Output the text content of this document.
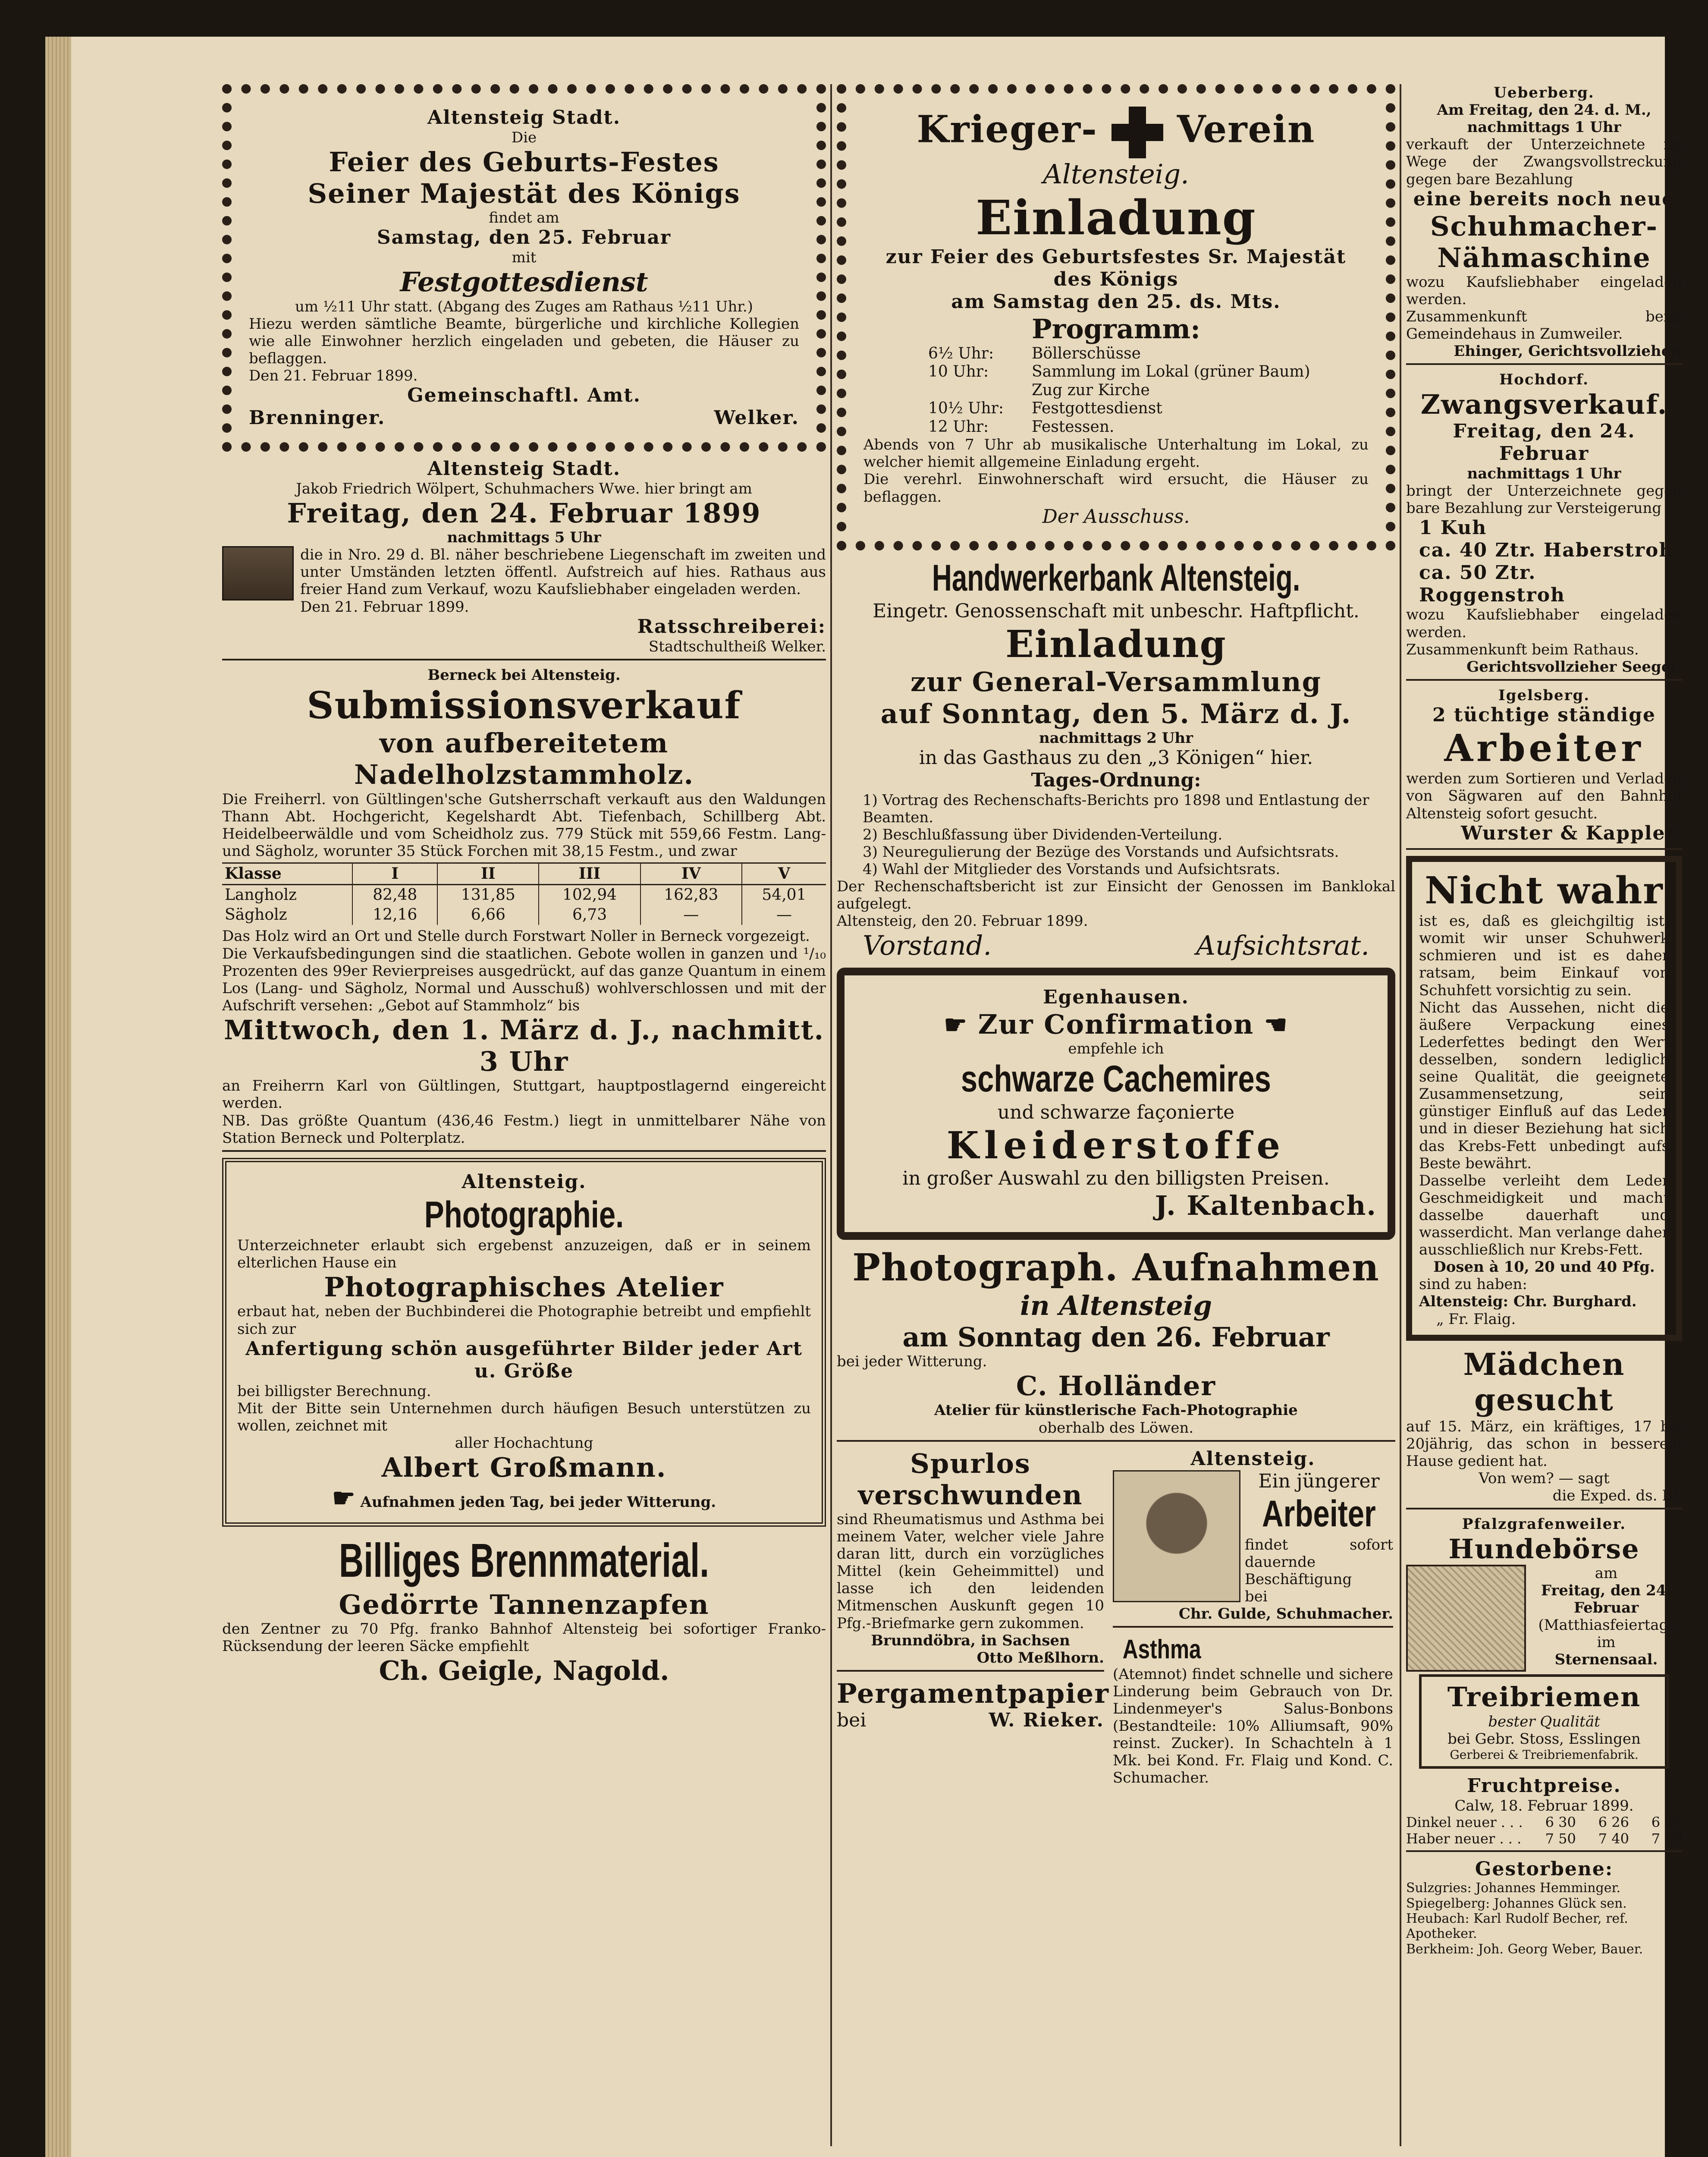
Altensteig Stadt.

Die

Feier des Geburts-Festes

Seiner Majestät des Königs

findet am

Samstag, den 25. Februar

mit

Festgottesdienst

um ½11 Uhr statt. (Abgang des Zuges am Rathaus ½11 Uhr.)

Hiezu werden sämtliche Beamte, bürgerliche und kirchliche Kollegien wie alle Einwohner herzlich eingeladen und gebeten, die Häuser zu beflaggen.

Den 21. Februar 1899.

Gemeinschaftl. Amt.

Brenninger.	Welker.

Altensteig Stadt.

Jakob Friedrich Wölpert, Schuhmachers Wwe. hier bringt am

Freitag, den 24. Februar 1899

nachmittags 5 Uhr

die in Nro. 29 d. Bl. näher beschriebene Liegenschaft im zweiten und unter Umständen letzten öffentl. Aufstreich auf hies. Rathaus aus freier Hand zum Verkauf, wozu Kaufsliebhaber eingeladen werden.

Den 21. Februar 1899.

Ratsschreiberei:

Stadtschultheiß Welker.

Berneck bei Altensteig.

Submissionsverkauf

von aufbereitetem Nadelholzstammholz.

Die Freiherrl. von Gültlingen'sche Gutsherrschaft verkauft aus den Waldungen Thann Abt. Hochgericht, Kegelshardt Abt. Tiefenbach, Schillberg Abt. Heidelbeerwäldle und vom Scheidholz zus. 779 Stück mit 559,66 Festm. Lang- und Sägholz, worunter 35 Stück Forchen mit 38,15 Festm., und zwar

Klasse	I	II	III	IV	V
Langholz	82,48	131,85	102,94	162,83	54,01
Sägholz	12,16	6,66	6,73	—	—

Das Holz wird an Ort und Stelle durch Forstwart Noller in Berneck vorgezeigt.

Die Verkaufsbedingungen sind die staatlichen. Gebote wollen in ganzen und ¹/₁₀ Prozenten des 99er Revierpreises ausgedrückt, auf das ganze Quantum in einem Los (Lang- und Sägholz, Normal und Ausschuß) wohlverschlossen und mit der Aufschrift versehen: „Gebot auf Stammholz“ bis

Mittwoch, den 1. März d. J., nachmitt. 3 Uhr

an Freiherrn Karl von Gültlingen, Stuttgart, hauptpostlagernd eingereicht werden.

NB. Das größte Quantum (436,46 Festm.) liegt in unmittelbarer Nähe von Station Berneck und Polterplatz.

Altensteig.

Photographie.

Unterzeichneter erlaubt sich ergebenst anzuzeigen, daß er in seinem elterlichen Hause ein

Photographisches Atelier

erbaut hat, neben der Buchbinderei die Photographie betreibt und empfiehlt sich zur

Anfertigung schön ausgeführter Bilder jeder Art u. Größe

bei billigster Berechnung.

Mit der Bitte sein Unternehmen durch häufigen Besuch unterstützen zu wollen, zeichnet mit

aller Hochachtung

Albert Großmann.

☛ Aufnahmen jeden Tag, bei jeder Witterung.

Billiges Brennmaterial.

Gedörrte Tannenzapfen

den Zentner zu 70 Pfg. franko Bahnhof Altensteig bei sofortiger Franko-Rücksendung der leeren Säcke empfiehlt

Ch. Geigle, Nagold.

Krieger- Verein

Altensteig.

Einladung

zur Feier des Geburtsfestes Sr. Majestät des Königs

am Samstag den 25. ds. Mts.

Programm:

6½ Uhr:	Böllerschüsse
10 Uhr:	Sammlung im Lokal (grüner Baum)
Zug zur Kirche
10½ Uhr:	Festgottesdienst
12 Uhr:	Festessen.

Abends von 7 Uhr ab musikalische Unterhaltung im Lokal, zu welcher hiemit allgemeine Einladung ergeht.

Die verehrl. Einwohnerschaft wird ersucht, die Häuser zu beflaggen.

Der Ausschuss.

Handwerkerbank Altensteig.

Eingetr. Genossenschaft mit unbeschr. Haftpflicht.

Einladung

zur General-Versammlung

auf Sonntag, den 5. März d. J.

nachmittags 2 Uhr

in das Gasthaus zu den „3 Königen“ hier.

Tages-Ordnung:

1) Vortrag des Rechenschafts-Berichts pro 1898 und Entlastung der Beamten.
2) Beschlußfassung über Dividenden-Verteilung.
3) Neuregulierung der Bezüge des Vorstands und Aufsichtsrats.
4) Wahl der Mitglieder des Vorstands und Aufsichtsrats.

Der Rechenschaftsbericht ist zur Einsicht der Genossen im Banklokal aufgelegt.

Altensteig, den 20. Februar 1899.

Vorstand.	Aufsichtsrat.

Egenhausen.

☛ Zur Confirmation ☚

empfehle ich

schwarze Cachemires

und schwarze façonierte

Kleiderstoffe

in großer Auswahl zu den billigsten Preisen.

J. Kaltenbach.

Photograph. Aufnahmen

in Altensteig

am Sonntag den 26. Februar

bei jeder Witterung.

C. Holländer

Atelier für künstlerische Fach-Photographie

oberhalb des Löwen.

Spurlos

verschwunden

sind Rheumatismus und Asthma bei meinem Vater, welcher viele Jahre daran litt, durch ein vorzügliches Mittel (kein Geheimmittel) und lasse ich den leidenden Mitmenschen Auskunft gegen 10 Pfg.-Briefmarke gern zukommen.

Brunndöbra, in Sachsen

Otto Meßlhorn.

Pergamentpapier

bei	W. Rieker.

Altensteig.

Ein jüngerer

Arbeiter

findet sofort dauernde Beschäftigung

bei

Chr. Gulde, Schuhmacher.

Asthma

(Atemnot) findet schnelle und sichere Linderung beim Gebrauch von Dr. Lindenmeyer's Salus-Bonbons (Bestandteile: 10% Alliumsaft, 90% reinst. Zucker). In Schachteln à 1 Mk. bei Kond. Fr. Flaig und Kond. C. Schumacher.

Ueberberg.

Am Freitag, den 24. d. M., nachmittags 1 Uhr

verkauft der Unterzeichnete im Wege der Zwangsvollstreckung gegen bare Bezahlung

eine bereits noch neue

Schuhmacher-

Nähmaschine

wozu Kaufsliebhaber eingeladen werden.

Zusammenkunft beim Gemeindehaus in Zumweiler.

Ehinger, Gerichtsvollzieher.

Hochdorf.

Zwangsverkauf.

Freitag, den 24. Februar

nachmittags 1 Uhr

bringt der Unterzeichnete gegen bare Bezahlung zur Versteigerung

1 Kuh

ca. 40 Ztr. Haberstroh

ca. 50 Ztr. Roggenstroh

wozu Kaufsliebhaber eingeladen werden.

Zusammenkunft beim Rathaus.

Gerichtsvollzieher Seeger.

Igelsberg.

2 tüchtige ständige

Arbeiter

werden zum Sortieren und Verladen von Sägwaren auf den Bahnhof Altensteig sofort gesucht.

Wurster & Kappler.

Nicht wahr

ist es, daß es gleichgiltig ist, womit wir unser Schuhwerk schmieren und ist es daher ratsam, beim Einkauf von Schuhfett vorsichtig zu sein.

Nicht das Aussehen, nicht die äußere Verpackung eines Lederfettes bedingt den Wert desselben, sondern lediglich seine Qualität, die geeignete Zusammensetzung, sein günstiger Einfluß auf das Leder und in dieser Beziehung hat sich das Krebs-Fett unbedingt aufs Beste bewährt.

Dasselbe verleiht dem Leder Geschmeidigkeit und macht dasselbe dauerhaft und wasserdicht. Man verlange daher ausschließlich nur Krebs-Fett.

Dosen à 10, 20 und 40 Pfg.

sind zu haben:

Altensteig: Chr. Burghard.

„ Fr. Flaig.

Mädchen

gesucht

auf 15. März, ein kräftiges, 17 bis 20jährig, das schon in besserem Hause gedient hat.

Von wem? — sagt

die Exped. ds. Bl.

Pfalzgrafenweiler.

Hundebörse

am

Freitag, den 24. Februar

(Matthiasfeiertag) im

Sternensaal.

Treibriemen

bester Qualität

bei Gebr. Stoss, Esslingen

Gerberei & Treibriemenfabrik.

Fruchtpreise.

Calw, 18. Februar 1899.

Dinkel neuer . . .	6 30	6 26	6 25
Haber neuer . . .	7 50	7 40	7 30

Gestorbene:

Sulzgries: Johannes Hemminger.
Spiegelberg: Johannes Glück sen.
Heubach: Karl Rudolf Becher, ref. Apotheker.
Berkheim: Joh. Georg Weber, Bauer.
